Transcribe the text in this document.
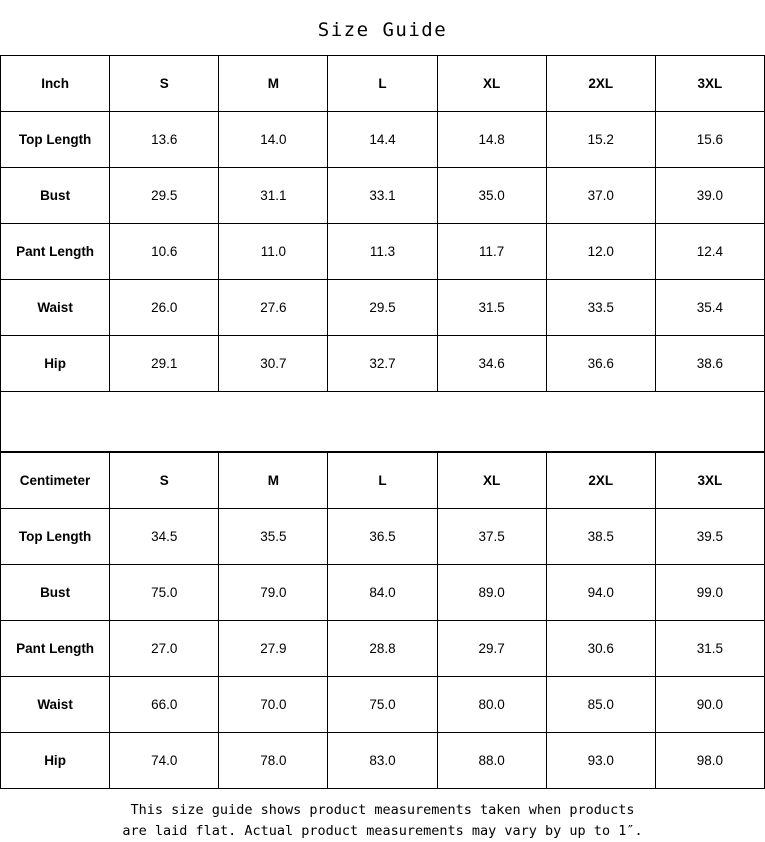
Size Guide
Inch	S	M	L	XL	2XL	3XL
Top Length	13.6	14.0	14.4	14.8	15.2	15.6
Bust	29.5	31.1	33.1	35.0	37.0	39.0
Pant Length	10.6	11.0	11.3	11.7	12.0	12.4
Waist	26.0	27.6	29.5	31.5	33.5	35.4
Hip	29.1	30.7	32.7	34.6	36.6	38.6
Centimeter	S	M	L	XL	2XL	3XL
Top Length	34.5	35.5	36.5	37.5	38.5	39.5
Bust	75.0	79.0	84.0	89.0	94.0	99.0
Pant Length	27.0	27.9	28.8	29.7	30.6	31.5
Waist	66.0	70.0	75.0	80.0	85.0	90.0
Hip	74.0	78.0	83.0	88.0	93.0	98.0
This size guide shows product measurements taken when products
are laid flat. Actual product measurements may vary by up to 1″.
